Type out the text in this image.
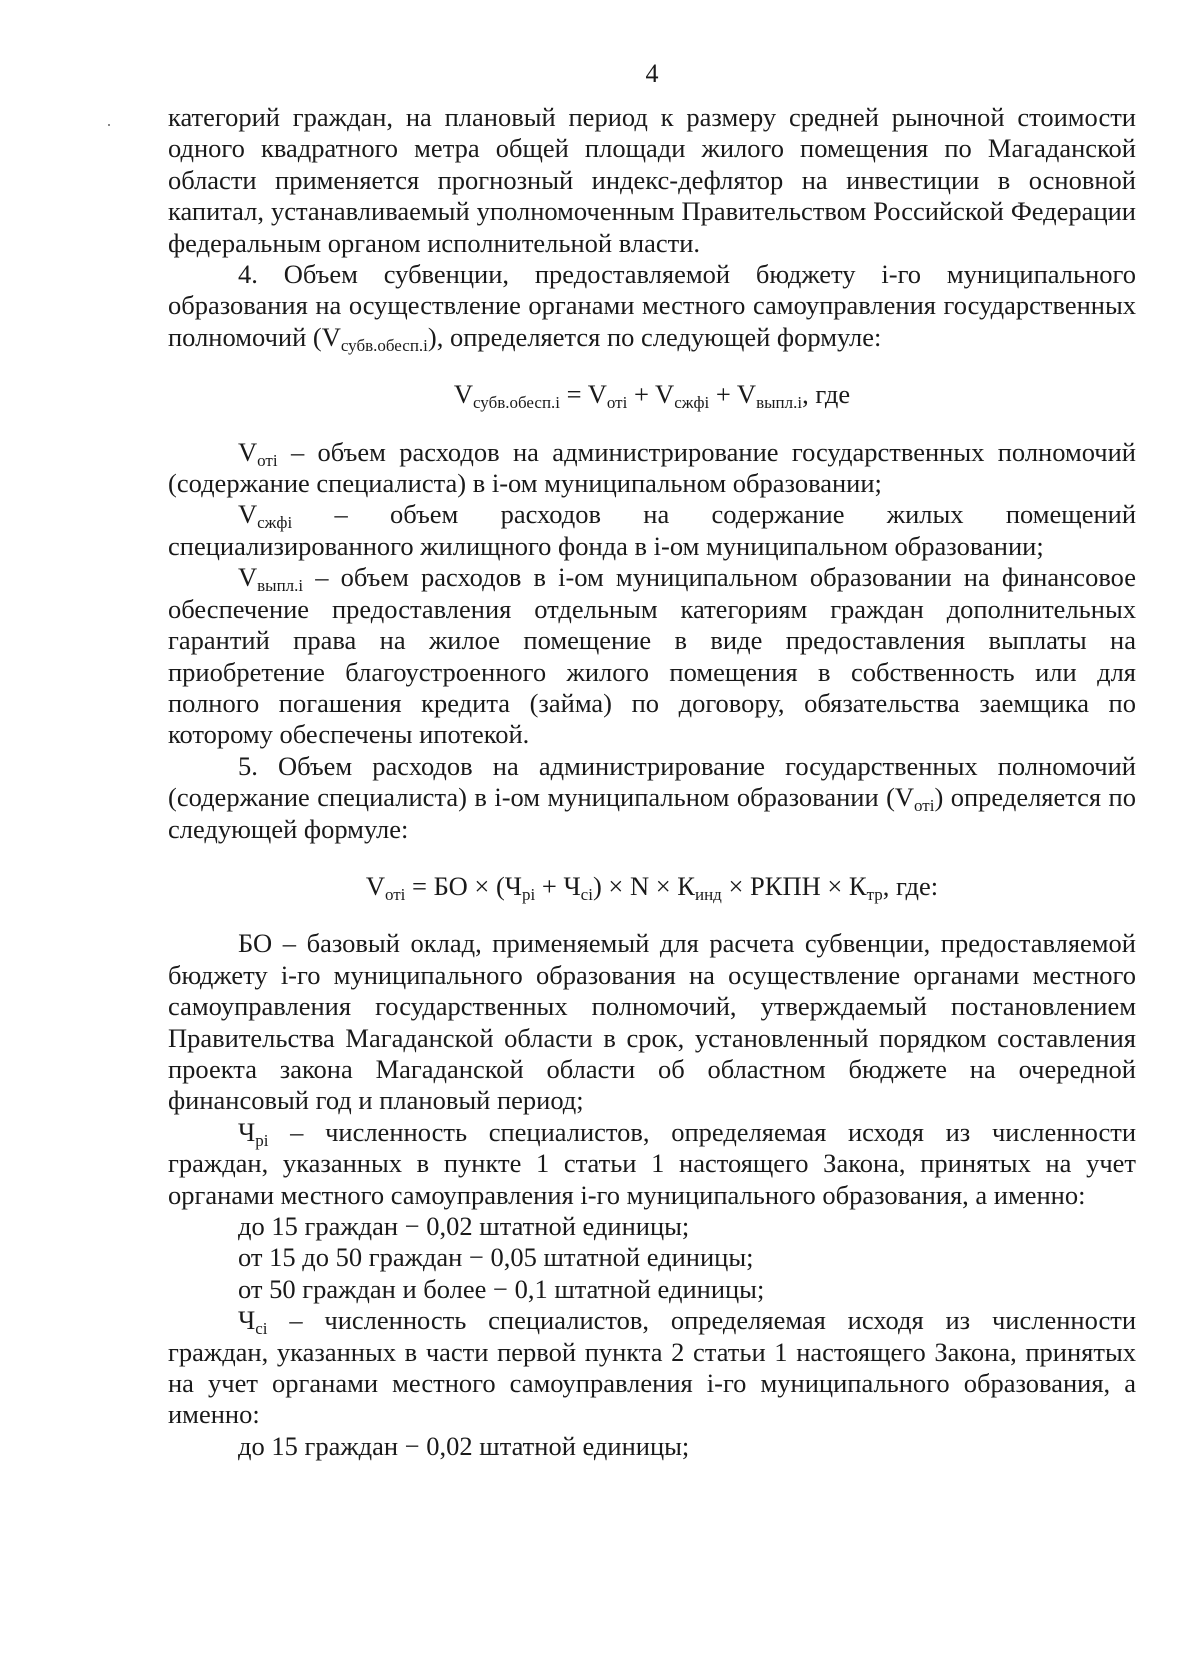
4

категорий граждан, на плановый период к размеру средней рыночной стоимости одного квадратного метра общей площади жилого помещения по Магаданской области применяется прогнозный индекс-дефлятор на инвестиции в основной капитал, устанавливаемый уполномоченным Правительством Российской Федерации федеральным органом исполнительной власти.

4. Объем субвенции, предоставляемой бюджету i-го муниципального образования на осуществление органами местного самоуправления государственных полномочий $(V_{субв.обесп.i})$, определяется по следующей формуле:

$V_{субв.обесп.i} = V_{отi} + V_{сжфi} + V_{выпл.i}$, где

$V_{отi}$ – объем расходов на администрирование государственных полномочий (содержание специалиста) в i-ом муниципальном образовании;

$V_{сжфi}$ – объем расходов на содержание жилых помещений специализированного жилищного фонда в i-ом муниципальном образовании;

$V_{выпл.i}$ – объем расходов в i-ом муниципальном образовании на финансовое обеспечение предоставления отдельным категориям граждан дополнительных гарантий права на жилое помещение в виде предоставления выплаты на приобретение благоустроенного жилого помещения в собственность или для полного погашения кредита (займа) по договору, обязательства заемщика по которому обеспечены ипотекой.

5. Объем расходов на администрирование государственных полномочий (содержание специалиста) в i-ом муниципальном образовании $(V_{отi})$ определяется по следующей формуле:

$V_{отi}$ = БО × $(Ч_{рi} + Ч_{сi}) \times N \times К_{инд}$ × РКПН × $К_{тр}$, где:

БО – базовый оклад, применяемый для расчета субвенции, предоставляемой бюджету i-го муниципального образования на осуществление органами местного самоуправления государственных полномочий, утверждаемый постановлением Правительства Магаданской области в срок, установленный порядком составления проекта закона Магаданской области об областном бюджете на очередной финансовый год и плановый период;

$Ч_{рi}$ – численность специалистов, определяемая исходя из численности граждан, указанных в пункте 1 статьи 1 настоящего Закона, принятых на учет органами местного самоуправления i-го муниципального образования, а именно:

до 15 граждан − 0,02 штатной единицы;

от 15 до 50 граждан − 0,05 штатной единицы;

от 50 граждан и более − 0,1 штатной единицы;

$Ч_{сi}$ – численность специалистов, определяемая исходя из численности граждан, указанных в части первой пункта 2 статьи 1 настоящего Закона, принятых на учет органами местного самоуправления i-го муниципального образования, а именно:

до 15 граждан − 0,02 штатной единицы;
